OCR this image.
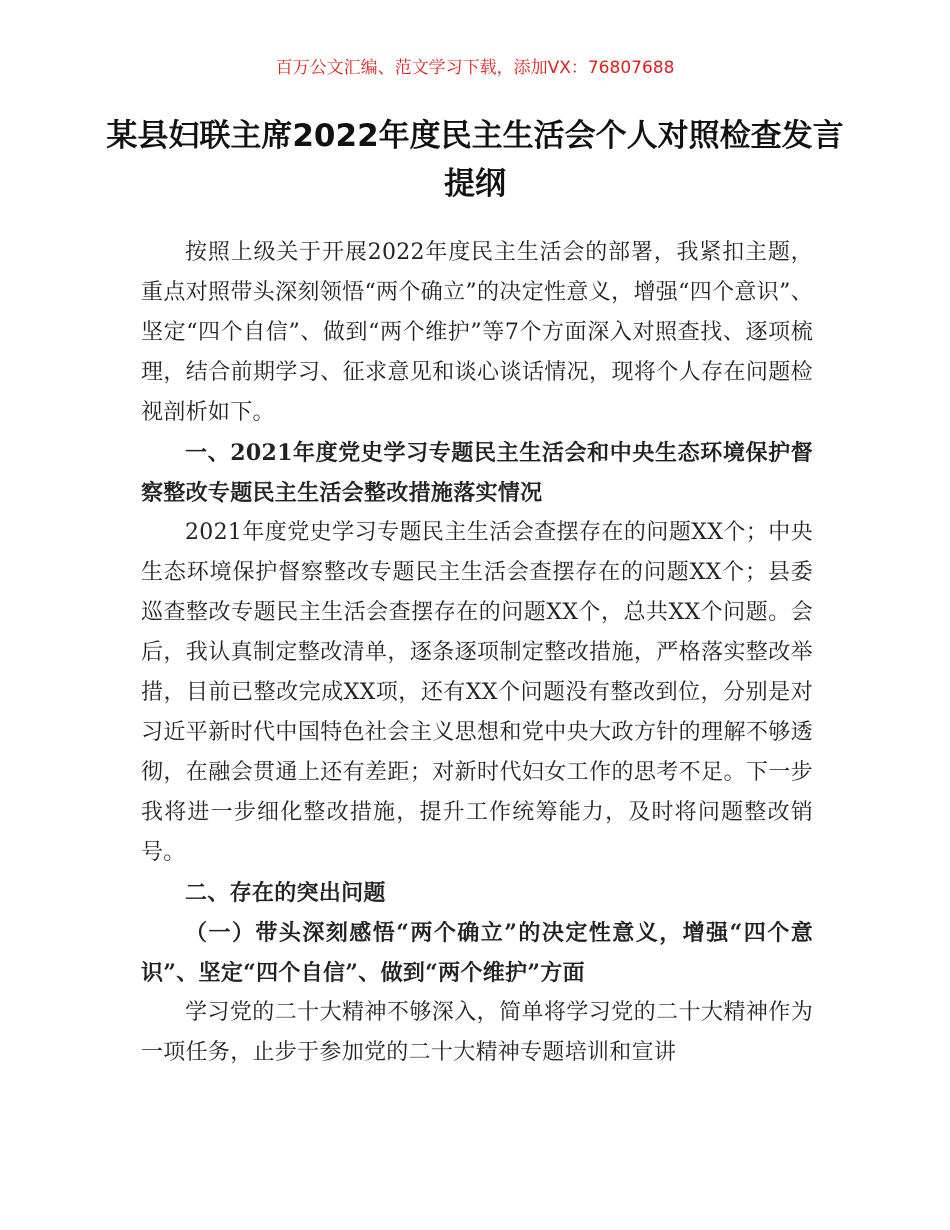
百万公文汇编、范文学习下载，添加VX：76807688
某县妇联主席2022年度民主生活会个人对照检查发言提纲

按照上级关于开展2022年度民主生活会的部署，我紧扣主题，重点对照带头深刻领悟“两个确立”的决定性意义，增强“四个意识”、坚定“四个自信”、做到“两个维护”等7个方面深入对照查找、逐项梳理，结合前期学习、征求意见和谈心谈话情况，现将个人存在问题检视剖析如下。

一、2021年度党史学习专题民主生活会和中央生态环境保护督察整改专题民主生活会整改措施落实情况

2021年度党史学习专题民主生活会查摆存在的问题XX个；中央生态环境保护督察整改专题民主生活会查摆存在的问题XX个；县委巡查整改专题民主生活会查摆存在的问题XX个，总共XX个问题。会后，我认真制定整改清单，逐条逐项制定整改措施，严格落实整改举措，目前已整改完成XX项，还有XX个问题没有整改到位，分别是对习近平新时代中国特色社会主义思想和党中央大政方针的理解不够透彻，在融会贯通上还有差距；对新时代妇女工作的思考不足。下一步我将进一步细化整改措施，提升工作统筹能力，及时将问题整改销号。

二、存在的突出问题

（一）带头深刻感悟“两个确立”的决定性意义，增强“四个意识”、坚定“四个自信”、做到“两个维护”方面

学习党的二十大精神不够深入，简单将学习党的二十大精神作为一项任务，止步于参加党的二十大精神专题培训和宣讲
